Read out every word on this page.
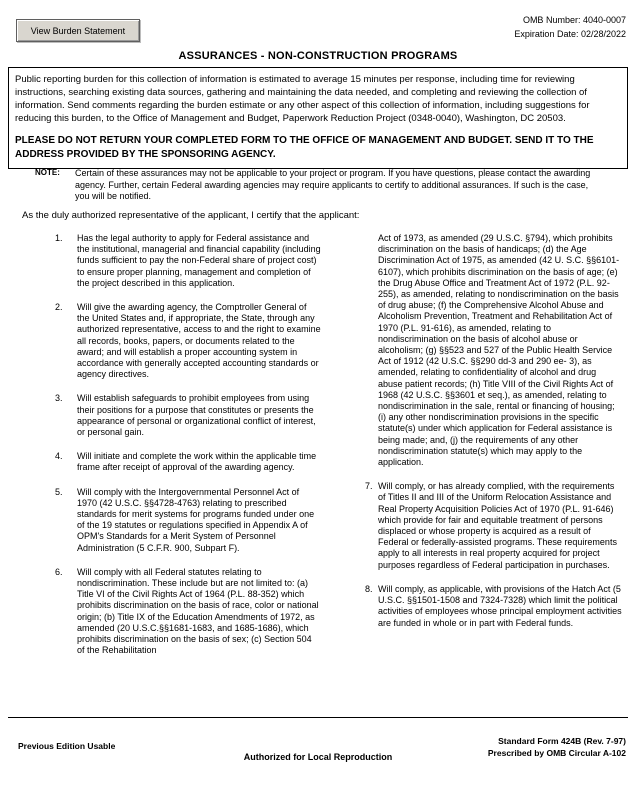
View Burden Statement
OMB Number: 4040-0007
Expiration Date: 02/28/2022
ASSURANCES - NON-CONSTRUCTION PROGRAMS

Public reporting burden for this collection of information is estimated to average 15 minutes per response, including time for reviewing instructions, searching existing data sources, gathering and maintaining the data needed, and completing and reviewing the collection of information. Send comments regarding the burden estimate or any other aspect of this collection of information, including suggestions for reducing this burden, to the Office of Management and Budget, Paperwork Reduction Project (0348-0040), Washington, DC 20503.

PLEASE DO NOT RETURN YOUR COMPLETED FORM TO THE OFFICE OF MANAGEMENT AND BUDGET. SEND IT TO THE ADDRESS PROVIDED BY THE SPONSORING AGENCY.

NOTE: Certain of these assurances may not be applicable to your project or program. If you have questions, please contact the awarding agency. Further, certain Federal awarding agencies may require applicants to certify to additional assurances. If such is the case, you will be notified.

As the duly authorized representative of the applicant, I certify that the applicant:

1.	Has the legal authority to apply for Federal assistance and the institutional, managerial and financial capability (including funds sufficient to pay the non-Federal share of project cost) to ensure proper planning, management and completion of the project described in this application.
2.	Will give the awarding agency, the Comptroller General of the United States and, if appropriate, the State, through any authorized representative, access to and the right to examine all records, books, papers, or documents related to the award; and will establish a proper accounting system in accordance with generally accepted accounting standards or agency directives.
3.	Will establish safeguards to prohibit employees from using their positions for a purpose that constitutes or presents the appearance of personal or organizational conflict of interest, or personal gain.
4.	Will initiate and complete the work within the applicable time frame after receipt of approval of the awarding agency.
5.	Will comply with the Intergovernmental Personnel Act of 1970 (42 U.S.C. §§4728-4763) relating to prescribed standards for merit systems for programs funded under one of the 19 statutes or regulations specified in Appendix A of OPM's Standards for a Merit System of Personnel Administration (5 C.F.R. 900, Subpart F).
6.	Will comply with all Federal statutes relating to nondiscrimination. These include but are not limited to: (a) Title VI of the Civil Rights Act of 1964 (P.L. 88-352) which prohibits discrimination on the basis of race, color or national origin; (b) Title IX of the Education Amendments of 1972, as amended (20 U.S.C.§§1681-1683, and 1685-1686), which prohibits discrimination on the basis of sex; (c) Section 504 of the Rehabilitation
Act of 1973, as amended (29 U.S.C. §794), which prohibits discrimination on the basis of handicaps; (d) the Age Discrimination Act of 1975, as amended (42 U. S.C. §§6101-6107), which prohibits discrimination on the basis of age; (e) the Drug Abuse Office and Treatment Act of 1972 (P.L. 92-255), as amended, relating to nondiscrimination on the basis of drug abuse; (f) the Comprehensive Alcohol Abuse and Alcoholism Prevention, Treatment and Rehabilitation Act of 1970 (P.L. 91-616), as amended, relating to nondiscrimination on the basis of alcohol abuse or alcoholism; (g) §§523 and 527 of the Public Health Service Act of 1912 (42 U.S.C. §§290 dd-3 and 290 ee- 3), as amended, relating to confidentiality of alcohol and drug abuse patient records; (h) Title VIII of the Civil Rights Act of 1968 (42 U.S.C. §§3601 et seq.), as amended, relating to nondiscrimination in the sale, rental or financing of housing; (i) any other nondiscrimination provisions in the specific statute(s) under which application for Federal assistance is being made; and, (j) the requirements of any other nondiscrimination statute(s) which may apply to the application.
7. Will comply, or has already complied, with the requirements of Titles II and III of the Uniform Relocation Assistance and Real Property Acquisition Policies Act of 1970 (P.L. 91-646) which provide for fair and equitable treatment of persons displaced or whose property is acquired as a result of Federal or federally-assisted programs. These requirements apply to all interests in real property acquired for project purposes regardless of Federal participation in purchases.
8. Will comply, as applicable, with provisions of the Hatch Act (5 U.S.C. §§1501-1508 and 7324-7328) which limit the political activities of employees whose principal employment activities are funded in whole or in part with Federal funds.
Previous Edition Usable
Authorized for Local Reproduction
Standard Form 424B (Rev. 7-97)
Prescribed by OMB Circular A-102
